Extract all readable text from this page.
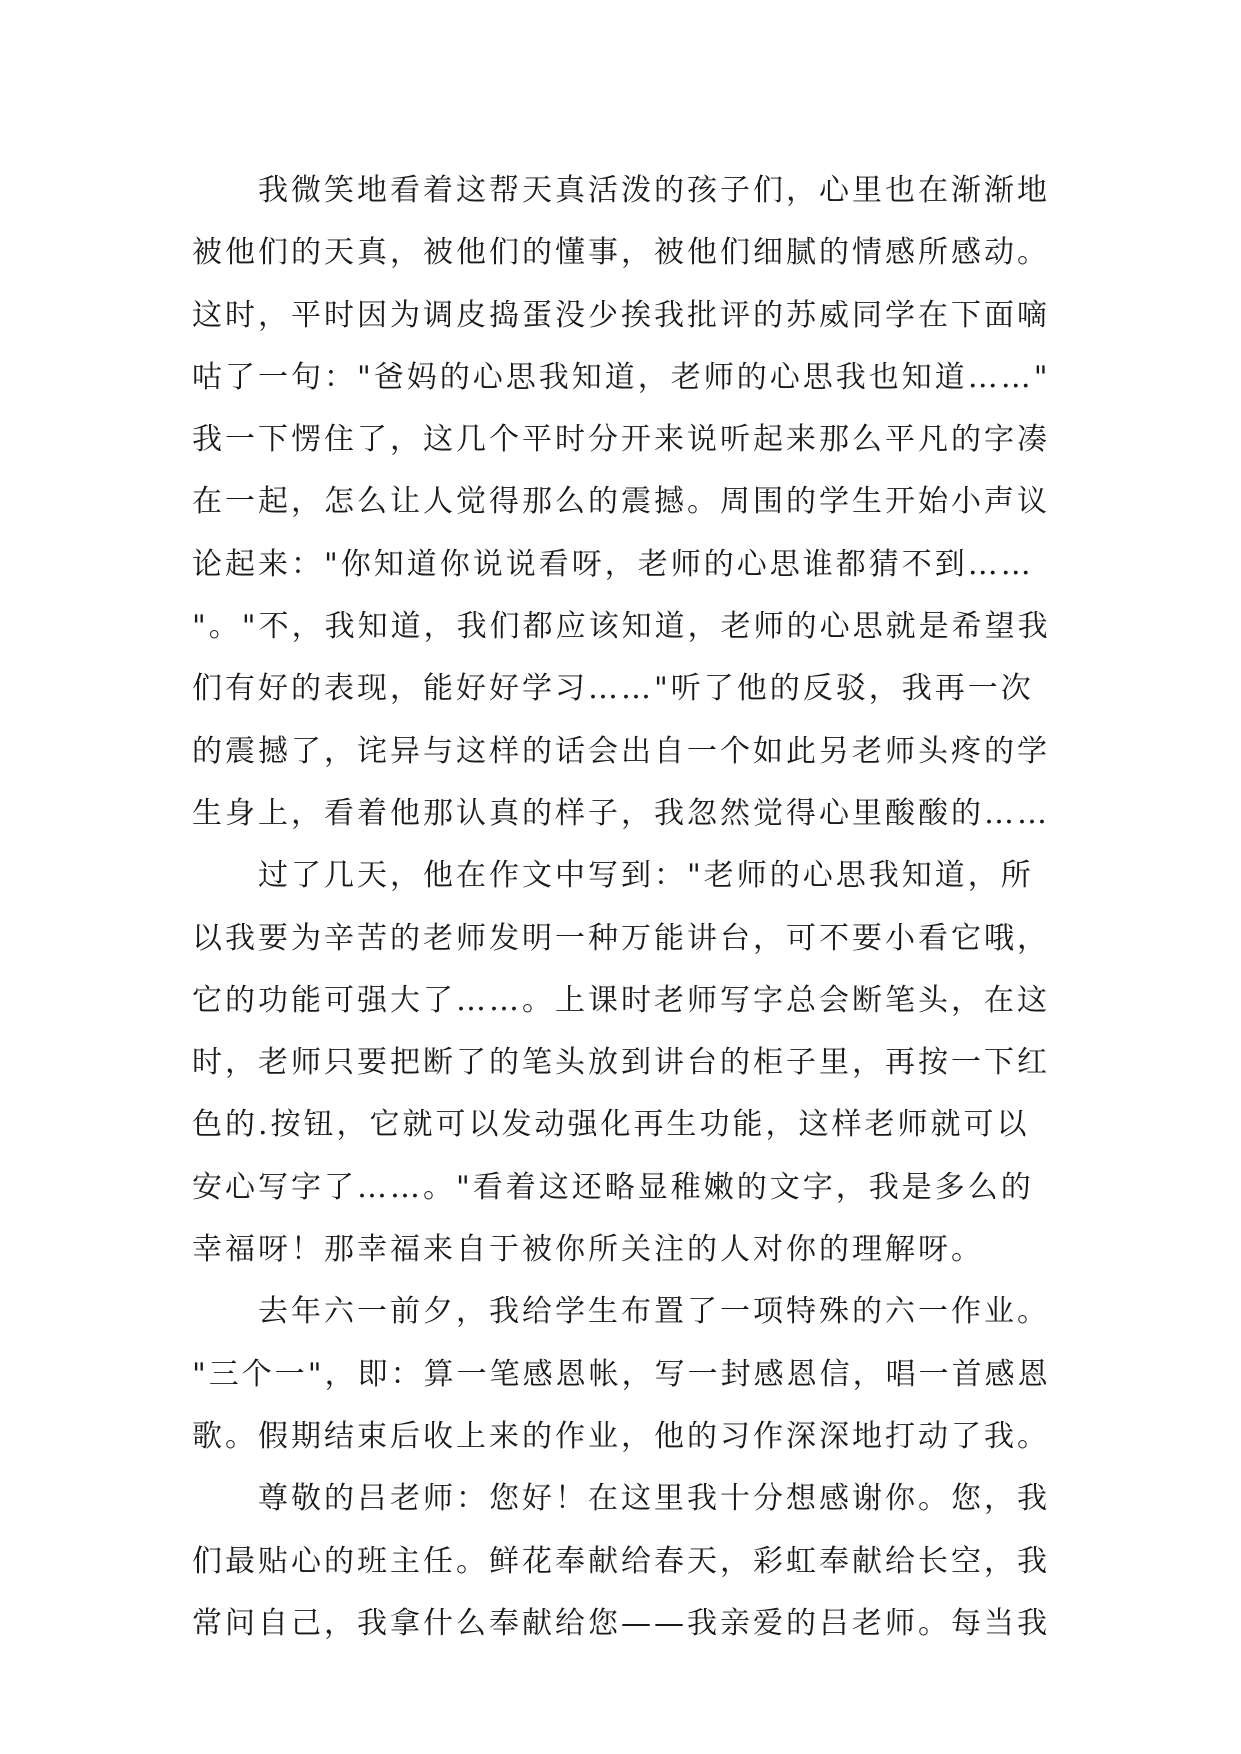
我微笑地看着这帮天真活泼的孩子们，心里也在渐渐地
被他们的天真，被他们的懂事，被他们细腻的情感所感动。
这时，平时因为调皮捣蛋没少挨我批评的苏威同学在下面嘀
咕了一句："爸妈的心思我知道，老师的心思我也知道……"
我一下愣住了，这几个平时分开来说听起来那么平凡的字凑
在一起，怎么让人觉得那么的震撼。周围的学生开始小声议
论起来："你知道你说说看呀，老师的心思谁都猜不到……
"。"不，我知道，我们都应该知道，老师的心思就是希望我
们有好的表现，能好好学习……"听了他的反驳，我再一次
的震撼了，诧异与这样的话会出自一个如此另老师头疼的学
生身上，看着他那认真的样子，我忽然觉得心里酸酸的……
过了几天，他在作文中写到："老师的心思我知道，所
以我要为辛苦的老师发明一种万能讲台，可不要小看它哦，
它的功能可强大了……。上课时老师写字总会断笔头，在这
时，老师只要把断了的笔头放到讲台的柜子里，再按一下红
色的.按钮，它就可以发动强化再生功能，这样老师就可以
安心写字了……。"看着这还略显稚嫩的文字，我是多么的
幸福呀！那幸福来自于被你所关注的人对你的理解呀。
去年六一前夕，我给学生布置了一项特殊的六一作业。
"三个一"，即：算一笔感恩帐，写一封感恩信，唱一首感恩
歌。假期结束后收上来的作业，他的习作深深地打动了我。
尊敬的吕老师：您好！在这里我十分想感谢你。您，我
们最贴心的班主任。鲜花奉献给春天，彩虹奉献给长空，我
常问自己，我拿什么奉献给您——我亲爱的吕老师。每当我
